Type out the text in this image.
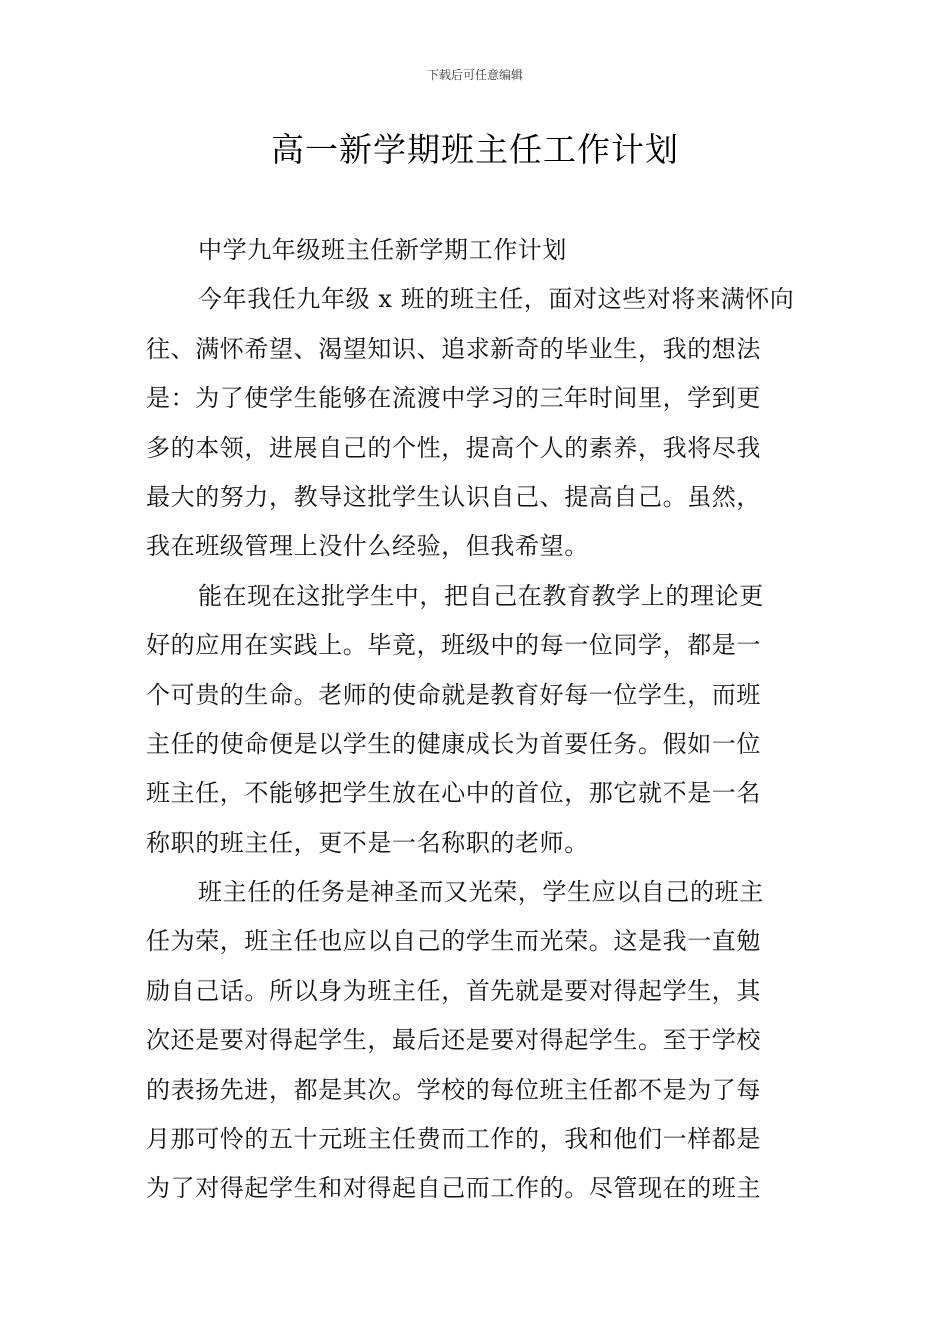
下载后可任意编辑
高一新学期班主任工作计划
中学九年级班主任新学期工作计划
今年我任九年级 x 班的班主任，面对这些对将来满怀向
往、满怀希望、渴望知识、追求新奇的毕业生，我的想法
是：为了使学生能够在流渡中学习的三年时间里，学到更
多的本领，进展自己的个性，提高个人的素养，我将尽我
最大的努力，教导这批学生认识自己、提高自己。虽然，
我在班级管理上没什么经验，但我希望。
能在现在这批学生中，把自己在教育教学上的理论更
好的应用在实践上。毕竟，班级中的每一位同学，都是一
个可贵的生命。老师的使命就是教育好每一位学生，而班
主任的使命便是以学生的健康成长为首要任务。假如一位
班主任，不能够把学生放在心中的首位，那它就不是一名
称职的班主任，更不是一名称职的老师。
班主任的任务是神圣而又光荣，学生应以自己的班主
任为荣，班主任也应以自己的学生而光荣。这是我一直勉
励自己话。所以身为班主任，首先就是要对得起学生，其
次还是要对得起学生，最后还是要对得起学生。至于学校
的表扬先进，都是其次。学校的每位班主任都不是为了每
月那可怜的五十元班主任费而工作的，我和他们一样都是
为了对得起学生和对得起自己而工作的。尽管现在的班主
